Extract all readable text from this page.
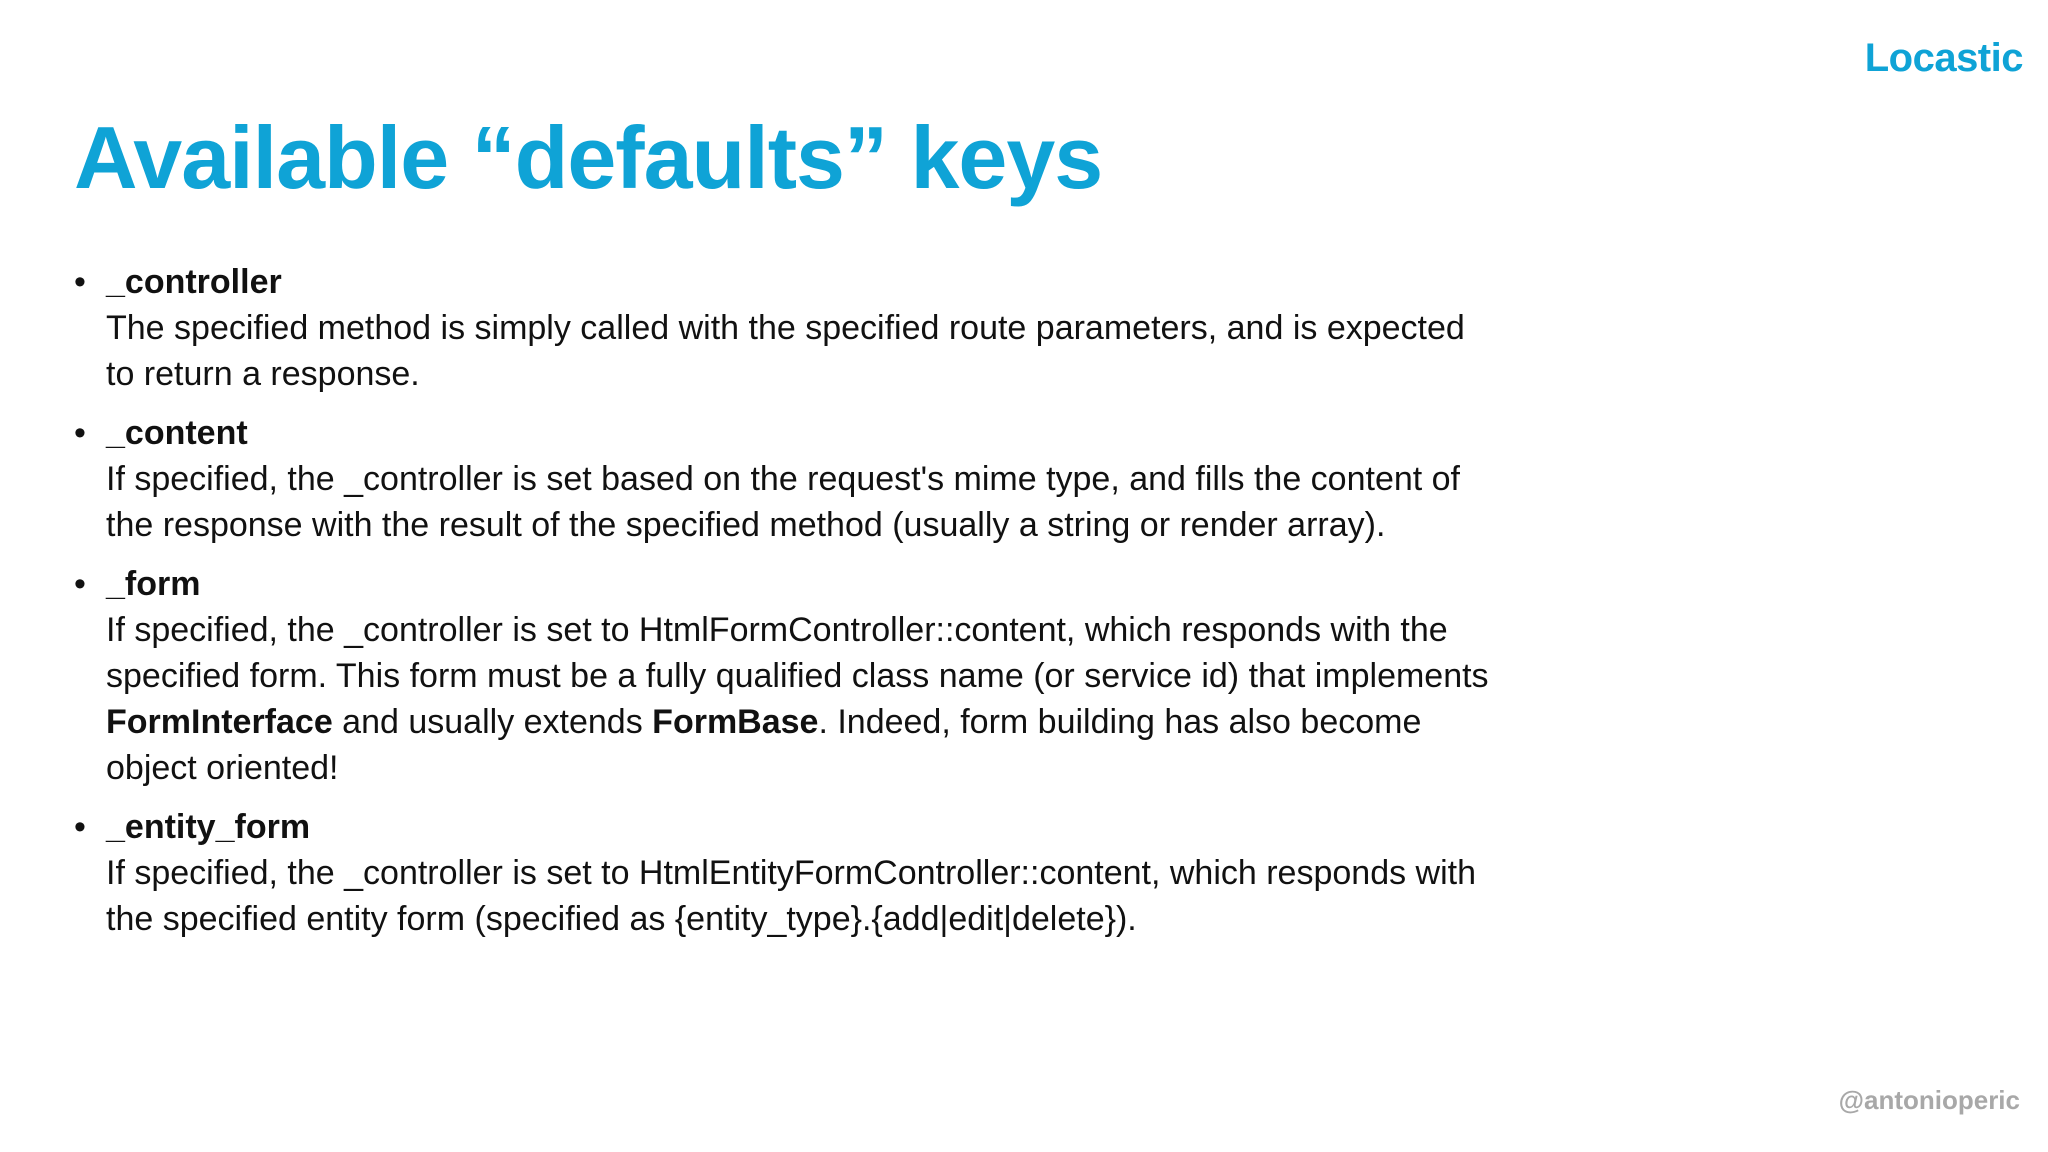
Locastic
Available “defaults” keys
• _controller
The specified method is simply called with the specified route parameters, and is expected to return a response.
• _content
If specified, the _controller is set based on the request's mime type, and fills the content of the response with the result of the specified method (usually a string or render array).
• _form
If specified, the _controller is set to HtmlFormController::content, which responds with the specified form. This form must be a fully qualified class name (or service id) that implements FormInterface and usually extends FormBase. Indeed, form building has also become object oriented!
• _entity_form
If specified, the _controller is set to HtmlEntityFormController::content, which responds with the specified entity form (specified as {entity_type}.{add|edit|delete}).
@antonioperic
